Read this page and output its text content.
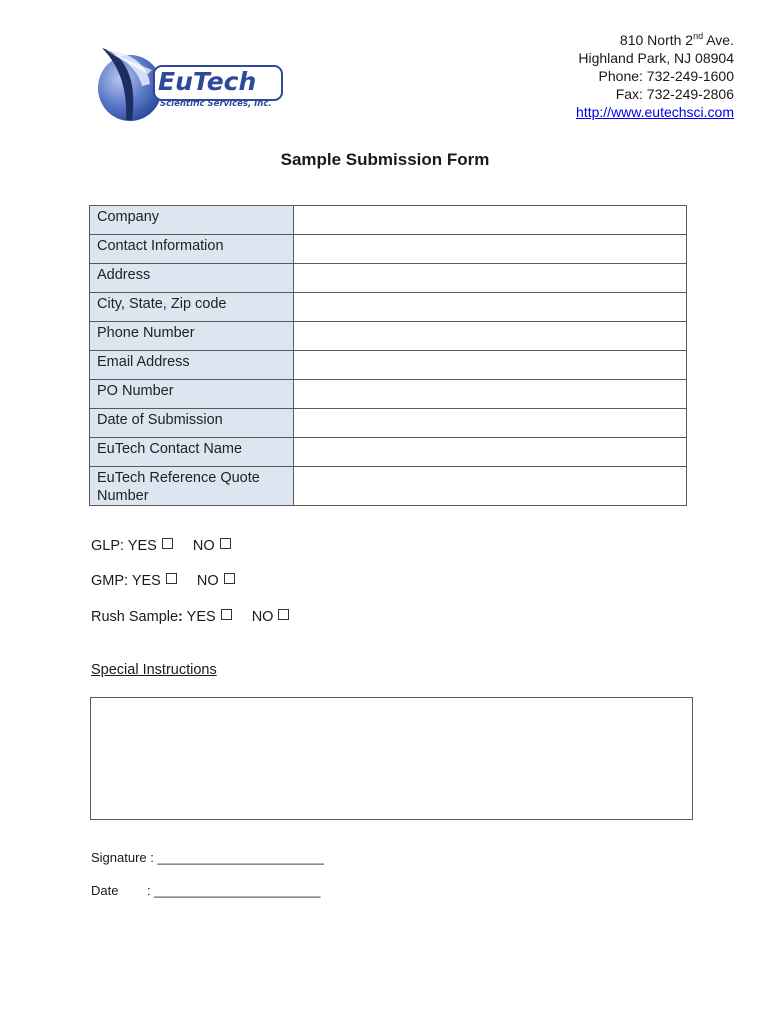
EuTech
Scientific Services, Inc.
810 North 2nd Ave.
Highland Park, NJ 08904
Phone: 732-249-1600
Fax: 732-249-2806
http://www.eutechsci.com
Sample Submission Form
Company	
Contact Information	
Address	
City, State, Zip code	
Phone Number	
Email Address	
PO Number	
Date of Submission	
EuTech Contact Name	
EuTech Reference Quote Number	
GLP: YES NO
GMP: YES NO
Rush Sample: YES NO
Special Instructions
Signature : _______________________
Date : _______________________
